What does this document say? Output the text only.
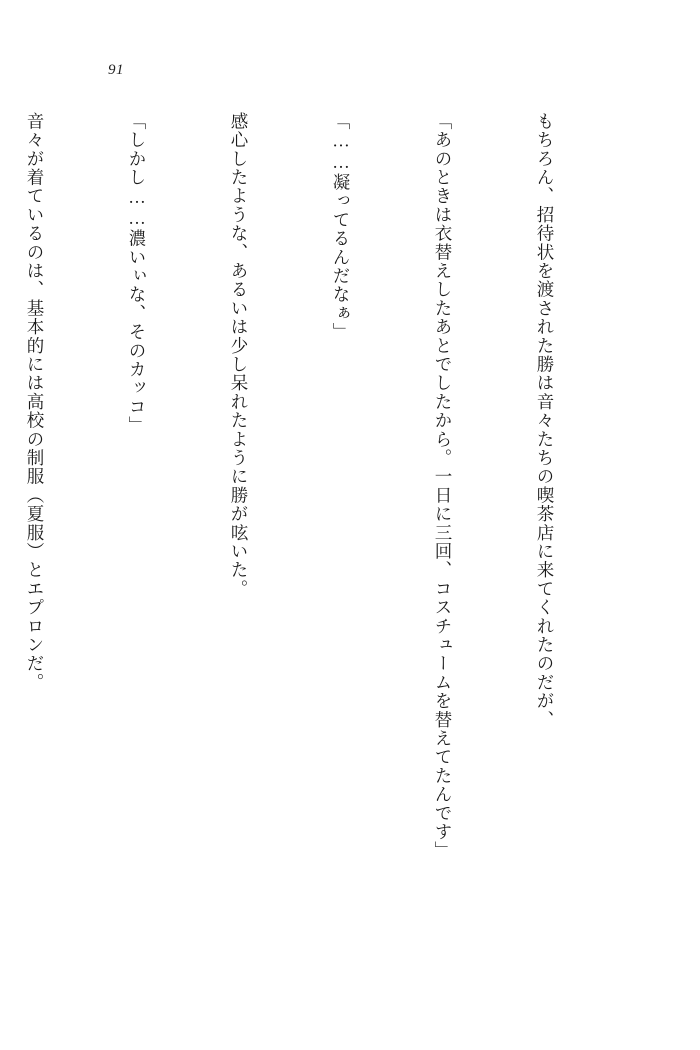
91

もちろん、招待状を渡された勝は音々たちの喫茶店に来てくれたのだが、

「あのときは衣替えしたあとでしたから。一日に三回、コスチュームを替えてたんです」

「……凝ってるんだなぁ」

感心したような、あるいは少し呆れたように勝が呟いた。

「しかし……濃いぃな、そのカッコ」

音々が着ているのは、基本的には高校の制服（夏服）とエプロンだ。
